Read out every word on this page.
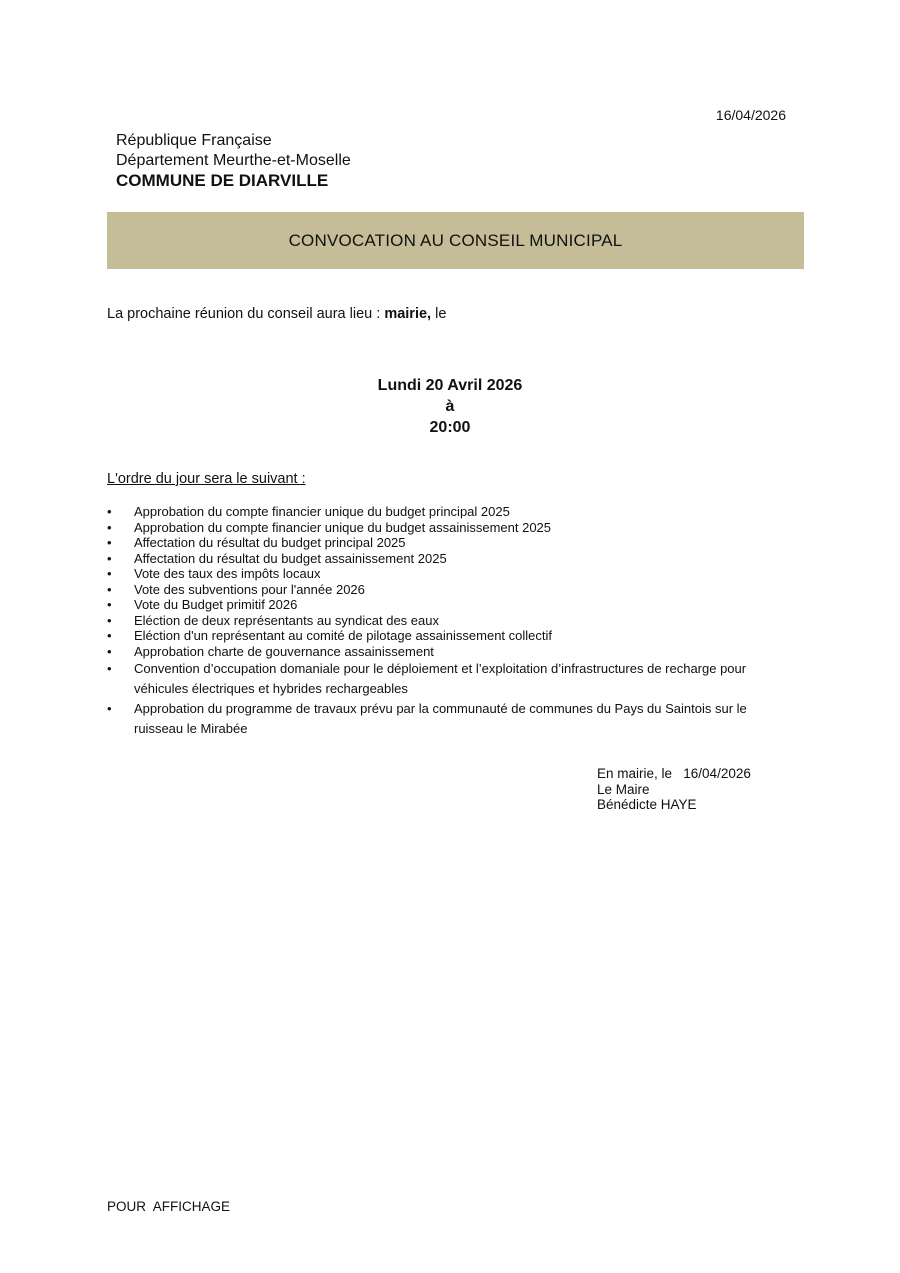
16/04/2026
République Française
Département Meurthe-et-Moselle
COMMUNE DE DIARVILLE
CONVOCATION AU CONSEIL MUNICIPAL
La prochaine réunion du conseil aura lieu : mairie, le
Lundi 20 Avril 2026
à
20:00
L'ordre du jour sera le suivant :
• Approbation du compte financier unique du budget principal 2025
• Approbation du compte financier unique du budget assainissement 2025
• Affectation du résultat du budget principal 2025
• Affectation du résultat du budget assainissement 2025
• Vote des taux des impôts locaux
• Vote des subventions pour l'année 2026
• Vote du Budget primitif 2026
• Eléction de deux représentants au syndicat des eaux
• Eléction d'un représentant au comité de pilotage assainissement collectif
• Approbation charte de gouvernance assainissement
• Convention d’occupation domaniale pour le déploiement et l’exploitation d’infrastructures de recharge pour véhicules électriques et hybrides rechargeables
• Approbation du programme de travaux prévu par la communauté de communes du Pays du Saintois sur le ruisseau le Mirabée
En mairie, le   16/04/2026
Le Maire
Bénédicte HAYE
POUR  AFFICHAGE
